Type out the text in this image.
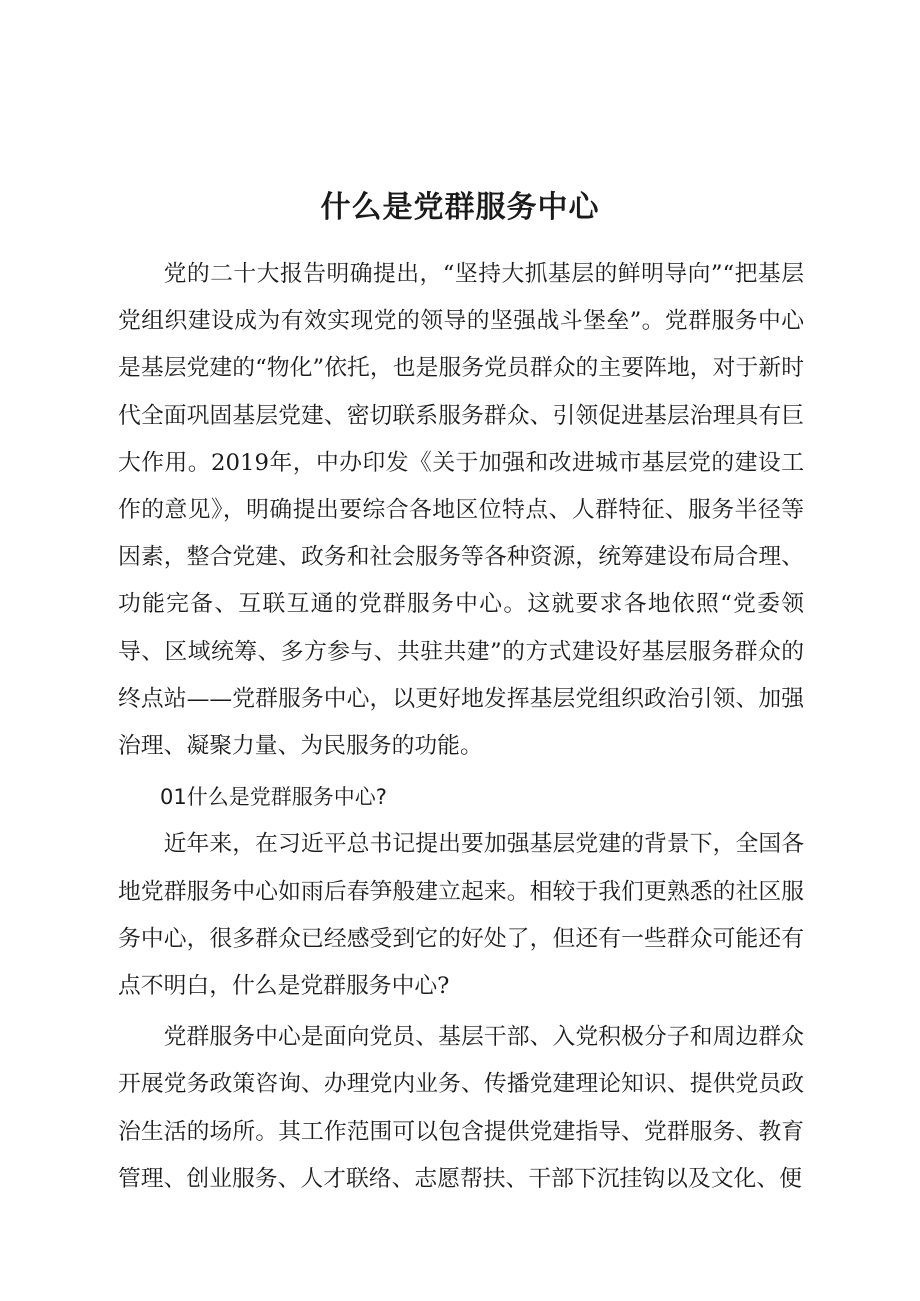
什么是党群服务中心

党的二十大报告明确提出，“坚持大抓基层的鲜明导向”“把基层党组织建设成为有效实现党的领导的坚强战斗堡垒”。党群服务中心是基层党建的“物化”依托，也是服务党员群众的主要阵地，对于新时代全面巩固基层党建、密切联系服务群众、引领促进基层治理具有巨大作用。2019年，中办印发《关于加强和改进城市基层党的建设工作的意见》，明确提出要综合各地区位特点、人群特征、服务半径等因素，整合党建、政务和社会服务等各种资源，统筹建设布局合理、功能完备、互联互通的党群服务中心。这就要求各地依照“党委领导、区域统筹、多方参与、共驻共建”的方式建设好基层服务群众的终点站——党群服务中心，以更好地发挥基层党组织政治引领、加强治理、凝聚力量、为民服务的功能。

01什么是党群服务中心?

近年来，在习近平总书记提出要加强基层党建的背景下，全国各地党群服务中心如雨后春笋般建立起来。相较于我们更熟悉的社区服务中心，很多群众已经感受到它的好处了，但还有一些群众可能还有点不明白，什么是党群服务中心?

党群服务中心是面向党员、基层干部、入党积极分子和周边群众开展党务政策咨询、办理党内业务、传播党建理论知识、提供党员政治生活的场所。其工作范围可以包含提供党建指导、党群服务、教育管理、创业服务、人才联络、志愿帮扶、干部下沉挂钩以及文化、便
